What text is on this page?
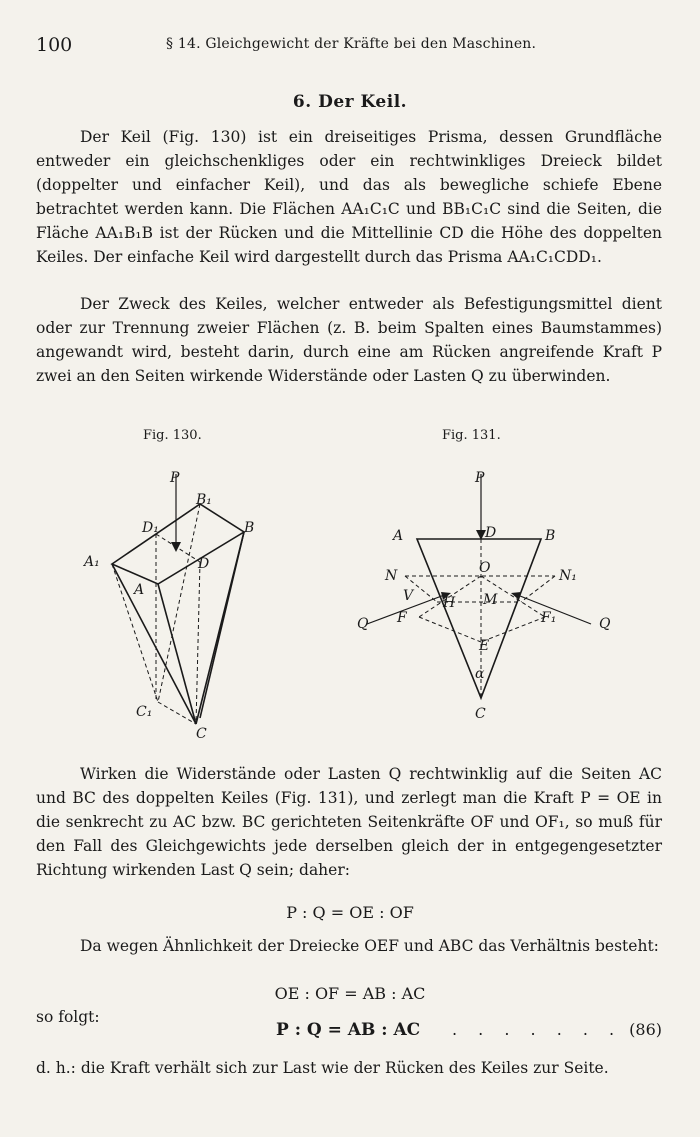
100	§ 14. Gleichgewicht der Kräfte bei den Maschinen.
6. Der Keil.
Der Keil (Fig. 130) ist ein dreiseitiges Prisma, dessen Grundfläche entweder ein gleichschenkliges oder ein rechtwinkliges Dreieck bildet (doppelter und einfacher Keil), und das als bewegliche schiefe Ebene betrachtet werden kann. Die Flächen AA₁C₁C und BB₁C₁C sind die Seiten, die Fläche AA₁B₁B ist der Rücken und die Mittellinie CD die Höhe des doppelten Keiles. Der einfache Keil wird dargestellt durch das Prisma AA₁C₁CDD₁.
Der Zweck des Keiles, welcher entweder als Befestigungsmittel dient oder zur Trennung zweier Flächen (z. B. beim Spalten eines Baumstammes) angewandt wird, besteht darin, durch eine am Rücken angreifende Kraft P zwei an den Seiten wirkende Widerstände oder Lasten Q zu überwinden.
Fig. 130.	Fig. 131.
P
B₁
D₁	B
A₁	D
A
C₁
C
P
A	D	B
N	O	N₁
V H M
Q F	F₁	Q
E
α
C
Wirken die Widerstände oder Lasten Q rechtwinklig auf die Seiten AC und BC des doppelten Keiles (Fig. 131), und zerlegt man die Kraft P = OE in die senkrecht zu AC bzw. BC gerichteten Seitenkräfte OF und OF₁, so muß für den Fall des Gleichgewichts jede derselben gleich der in entgegengesetzter Richtung wirkenden Last Q sein; daher:
P : Q = OE : OF
Da wegen Ähnlichkeit der Dreiecke OEF und ABC das Verhältnis besteht:
OE : OF = AB : AC
so folgt:
P : Q = AB : AC . . . . . . . (86)
d. h.: die Kraft verhält sich zur Last wie der Rücken des Keiles zur Seite.
